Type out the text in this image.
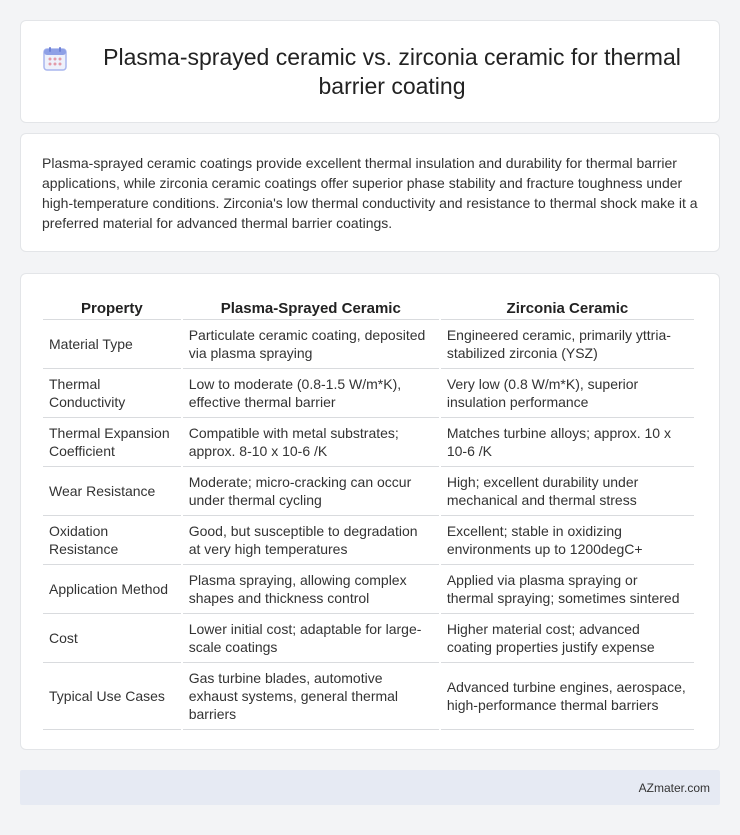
Plasma-sprayed ceramic vs. zirconia ceramic for thermal barrier coating

Plasma-sprayed ceramic coatings provide excellent thermal insulation and durability for thermal barrier applications, while zirconia ceramic coatings offer superior phase stability and fracture toughness under high-temperature conditions. Zirconia's low thermal conductivity and resistance to thermal shock make it a preferred material for advanced thermal barrier coatings.

Property	Plasma-Sprayed Ceramic	Zirconia Ceramic
Material Type	Particulate ceramic coating, deposited via plasma spraying	Engineered ceramic, primarily yttria-stabilized zirconia (YSZ)
Thermal Conductivity	Low to moderate (0.8-1.5 W/m*K), effective thermal barrier	Very low (0.8 W/m*K), superior insulation performance
Thermal Expansion Coefficient	Compatible with metal substrates; approx. 8-10 x 10-6 /K	Matches turbine alloys; approx. 10 x 10-6 /K
Wear Resistance	Moderate; micro-cracking can occur under thermal cycling	High; excellent durability under mechanical and thermal stress
Oxidation Resistance	Good, but susceptible to degradation at very high temperatures	Excellent; stable in oxidizing environments up to 1200degC+
Application Method	Plasma spraying, allowing complex shapes and thickness control	Applied via plasma spraying or thermal spraying; sometimes sintered
Cost	Lower initial cost; adaptable for large-scale coatings	Higher material cost; advanced coating properties justify expense
Typical Use Cases	Gas turbine blades, automotive exhaust systems, general thermal barriers	Advanced turbine engines, aerospace, high-performance thermal barriers
AZmater.com
